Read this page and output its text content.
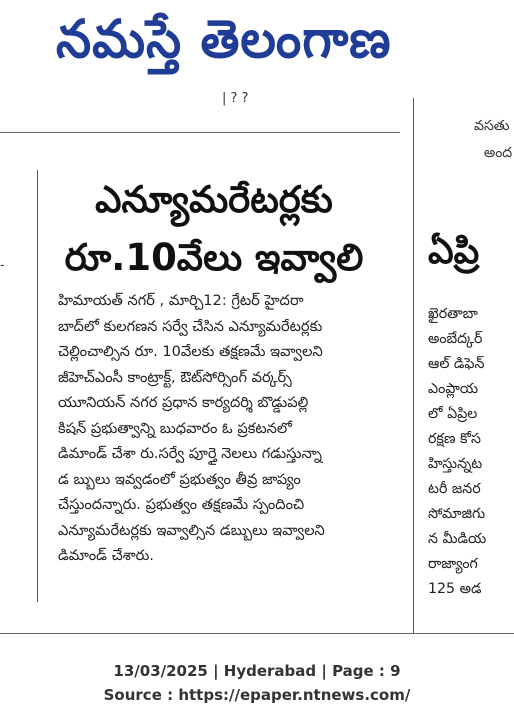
నమస్తే తెలంగాణ
| ? ?
వసతు
అంద
-
ఎన్యూమరేటర్లకు
రూ.10వేలు ఇవ్వాలి

హిమాయత్ నగర్ , మార్చి12: గ్రేటర్ హైదరా

బాద్‌లో కులగణన సర్వే చేసిన ఎన్యూమరేటర్లకు

చెల్లించాల్సిన రూ. 10వేలకు తక్షణమే ఇవ్వాలని

జీహెచ్ఎంసీ కాంట్రాక్ట్, ఔట్‌సోర్సింగ్ వర్కర్స్

యూనియన్ నగర ప్రధాన కార్యదర్శి బొడ్డుపల్లి

కిషన్ ప్రభుత్వాన్ని బుధవారం ఓ ప్రకటనలో

డిమాండ్ చేశా రు.సర్వే పూర్తై నెలలు గడుస్తున్నా

డ బ్బులు ఇవ్వడంలో ప్రభుత్వం తీవ్ర జాప్యం

చేస్తుందన్నారు. ప్రభుత్వం తక్షణమే స్పందించి

ఎన్యూమరేటర్లకు ఇవ్వాల్సిన డబ్బులు ఇవ్వాలని

డిమాండ్ చేశారు.

ఏప్రి

ఖైరతాబా

అంబేద్కర్

ఆల్ డిఫెన్

ఎంప్లాయ

లో ఏప్రిల

రక్షణ కోస

హిస్తున్నట

టరీ జనర

సోమాజిగు

న మీడియ

రాజ్యాంగ

125 అడ

13/03/2025 | Hyderabad | Page : 9
Source : https://epaper.ntnews.com/
